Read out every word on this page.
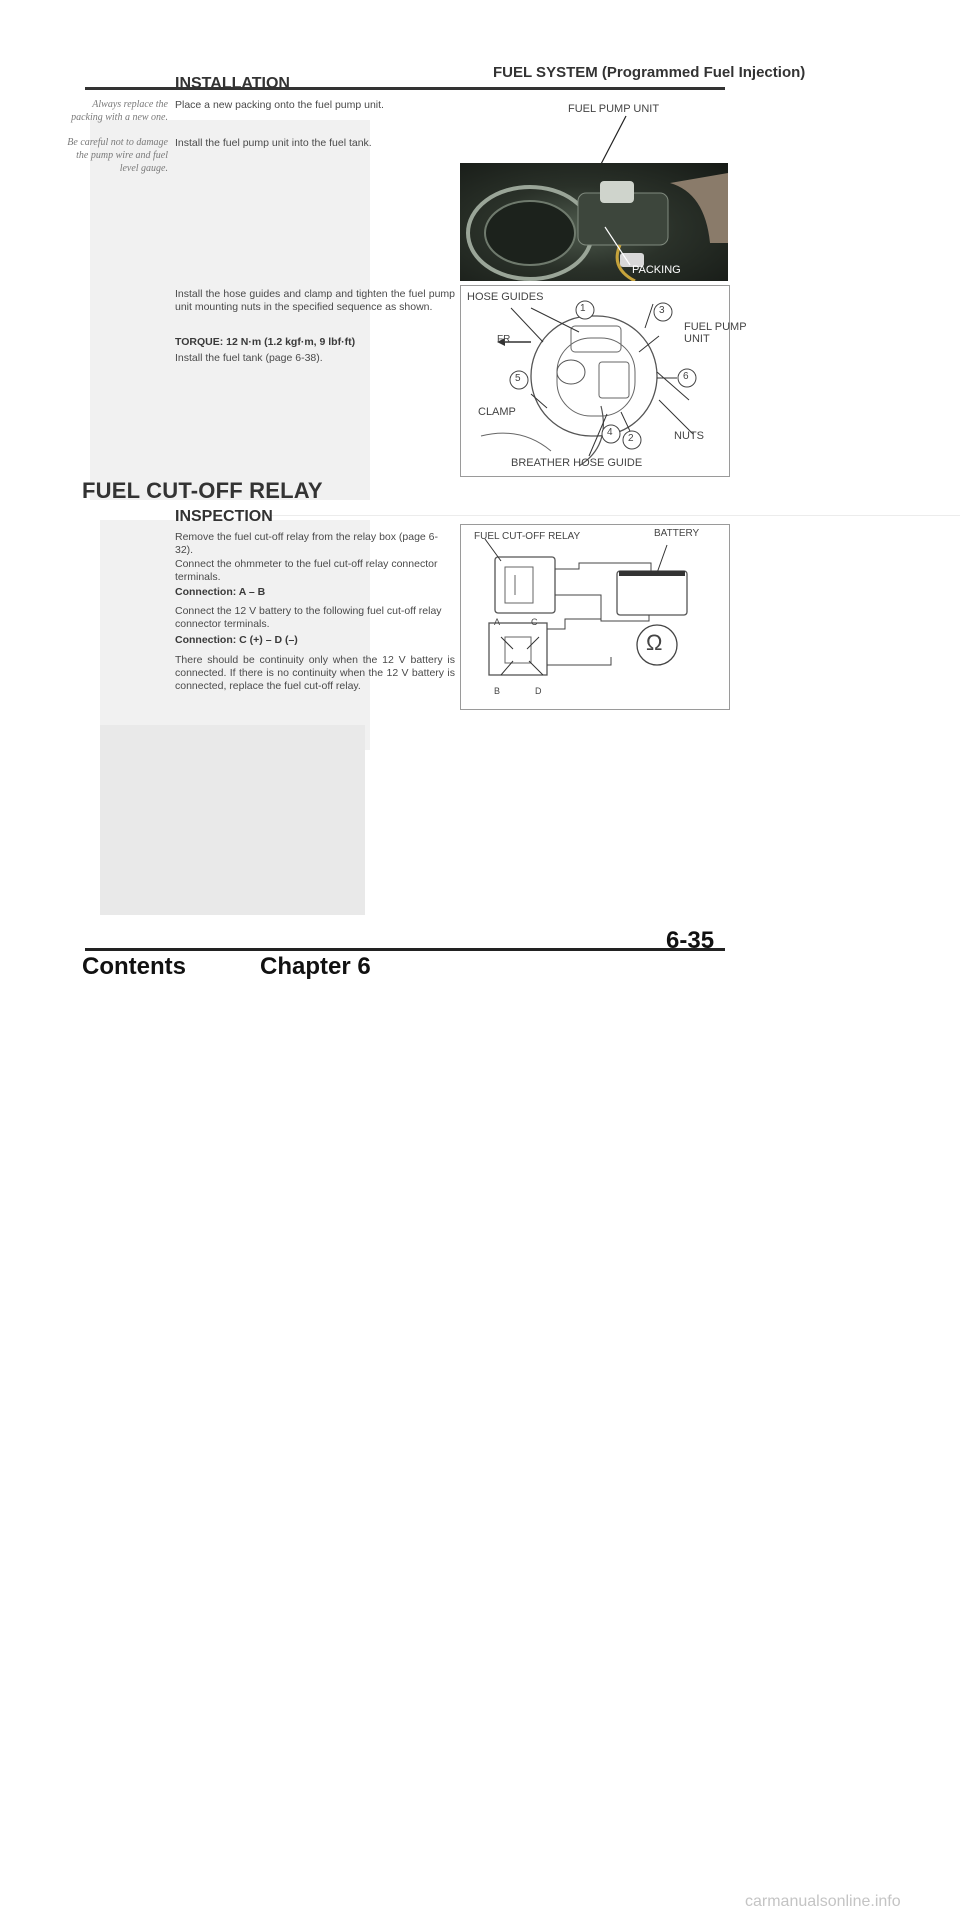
FUEL SYSTEM (Programmed Fuel Injection)
INSTALLATION
Always replace the packing with a new one.
Be careful not to damage the pump wire and fuel level gauge.
Place a new packing onto the fuel pump unit.
Install the fuel pump unit into the fuel tank.
FUEL PUMP UNIT
PACKING
Install the hose guides and clamp and tighten the fuel pump unit mounting nuts in the specified sequence as shown.
TORQUE: 12 N·m (1.2 kgf·m, 9 lbf·ft)
Install the fuel tank (page 6-38).
HOSE GUIDES
FR
FUEL PUMP
UNIT
CLAMP
NUTS
BREATHER HOSE GUIDE
1
2
3
4
5	6
FUEL CUT-OFF RELAY
INSPECTION
Remove the fuel cut-off relay from the relay box (page 6-32).
Connect the ohmmeter to the fuel cut-off relay connector terminals.
Connection: A – B
Connect the 12 V battery to the following fuel cut-off relay connector terminals.
Connection: C (+) – D (–)
There should be continuity only when the 12 V battery is connected. If there is no continuity when the 12 V battery is connected, replace the fuel cut-off relay.
FUEL CUT-OFF RELAY	BATTERY
A
B
C
D
Ω
Contents	Chapter 6
6-35
carmanualsonline.info
